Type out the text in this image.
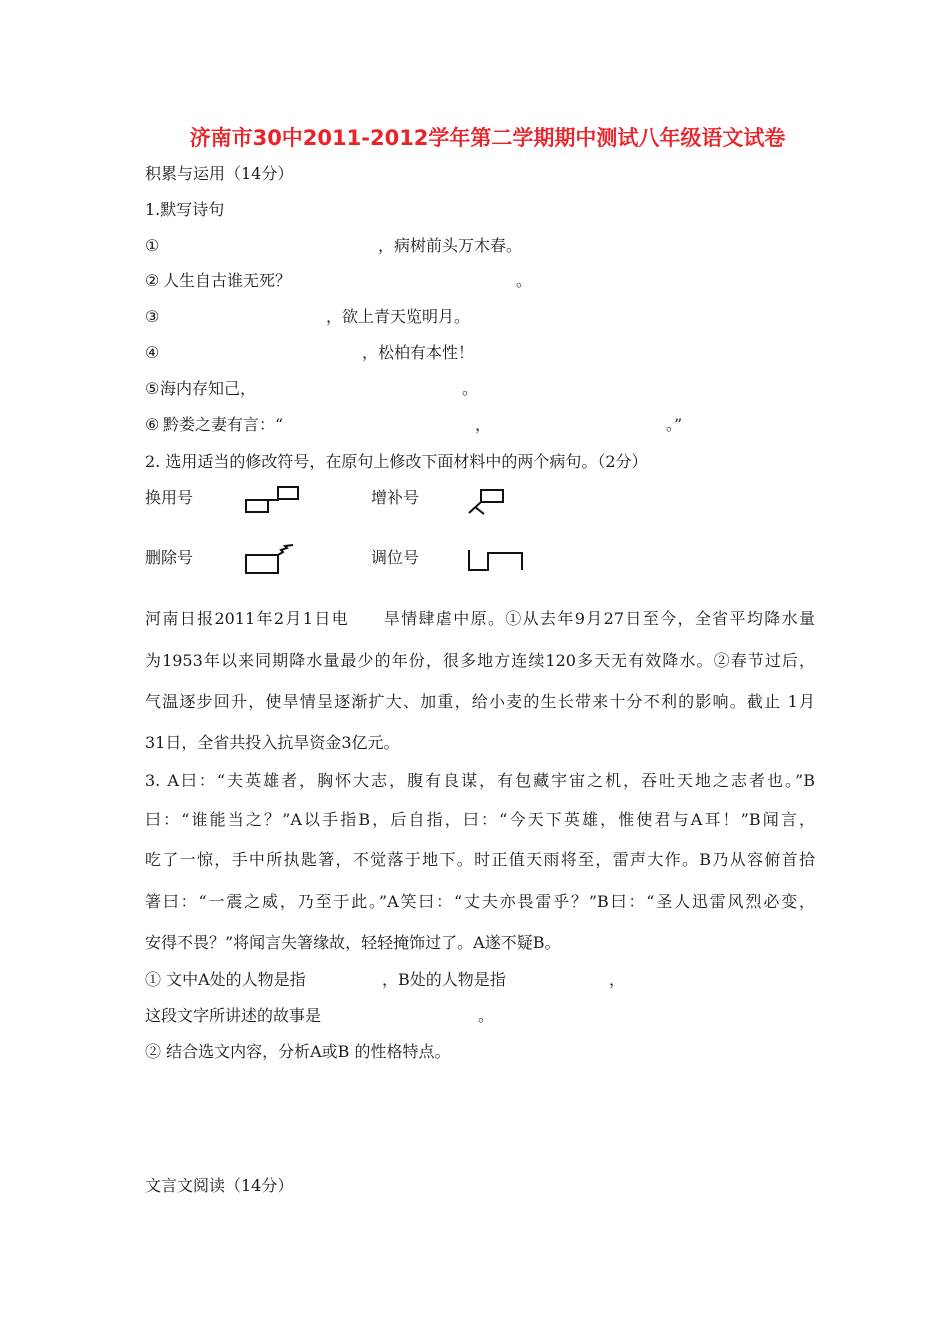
济南市30中2011-2012学年第二学期期中测试八年级语文试卷
积累与运用（14分）
1.默写诗句
①	，病树前头万木春。
② 人生自古谁无死？	。
③	，欲上青天览明月。
④	，松柏有本性！
⑤ 海内存知己，	。
⑥ 黔娄之妻有言：“	，	。”
2. 选用适当的修改符号，在原句上修改下面材料中的两个病句。（2分）
换用号	增补号
删除号	调位号
河南日报2011年2月1日电　　旱情肆虐中原。①从去年9月27日至今，全省平均降水量
为1953年以来同期降水量最少的年份，很多地方连续120多天无有效降水。②春节过后，
气温逐步回升，使旱情呈逐渐扩大、加重，给小麦的生长带来十分不利的影响。截止 1月
31日，全省共投入抗旱资金3亿元。
3. A曰：“夫英雄者，胸怀大志，腹有良谋，有包藏宇宙之机，吞吐天地之志者也。”B
曰：“谁能当之？”A以手指B，后自指，曰：“今天下英雄，惟使君与A耳！”B闻言，
吃了一惊，手中所执匙箸，不觉落于地下。时正值天雨将至，雷声大作。B乃从容俯首拾
箸曰：“一震之威，乃至于此。”A笑曰：“丈夫亦畏雷乎？”B曰：“圣人迅雷风烈必变，
安得不畏？”将闻言失箸缘故，轻轻掩饰过了。A遂不疑B。
① 文中A处的人物是指	，B处的人物是指	，
这段文字所讲述的故事是	。
② 结合选文内容，分析A或B 的性格特点。
文言文阅读（14分）
